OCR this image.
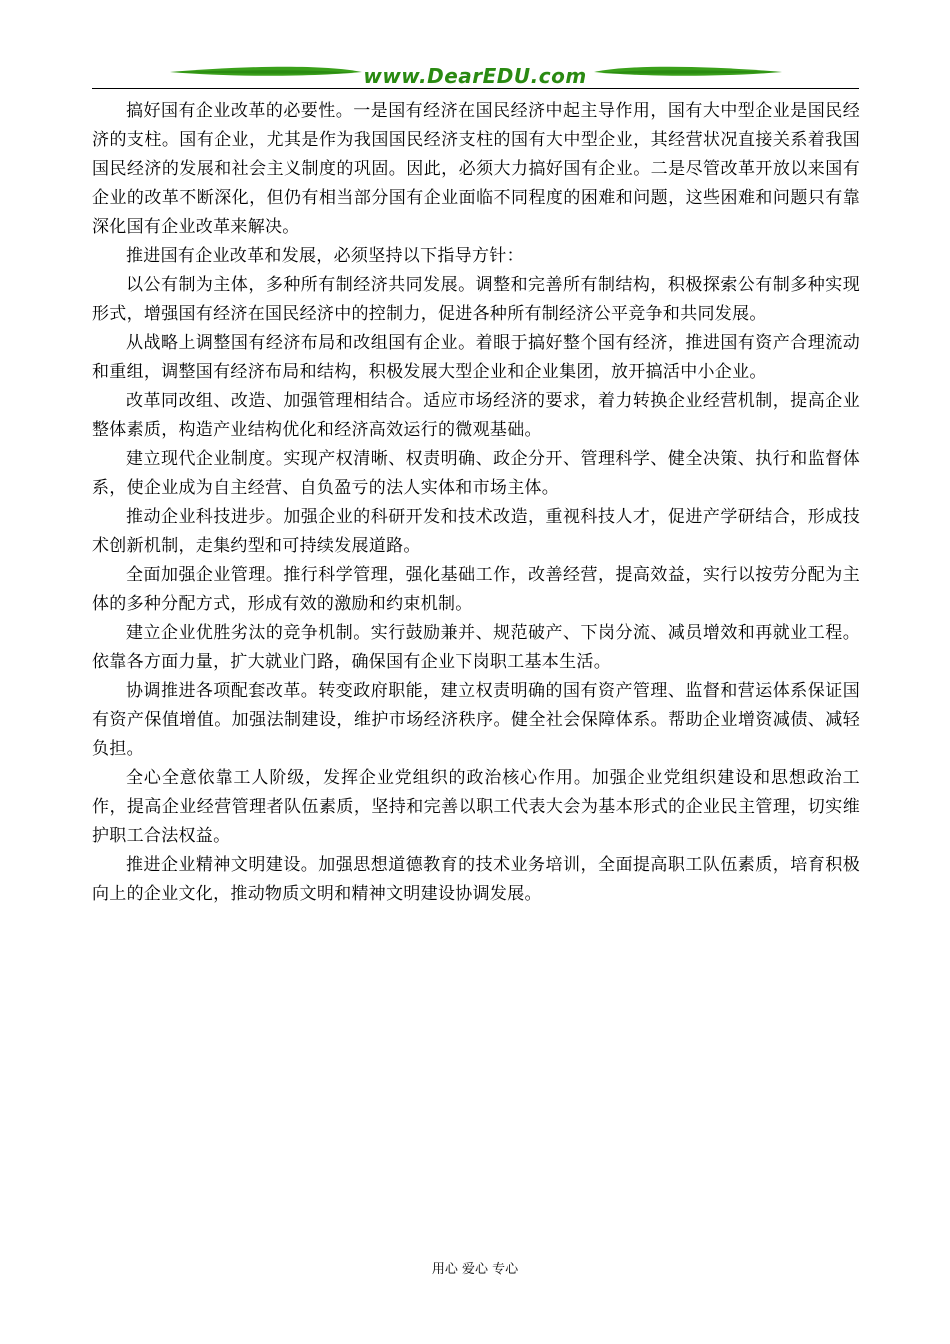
www.DearEDU.com

搞好国有企业改革的必要性。一是国有经济在国民经济中起主导作用，国有大中型企业是国民经济的支柱。国有企业，尤其是作为我国国民经济支柱的国有大中型企业，其经营状况直接关系着我国国民经济的发展和社会主义制度的巩固。因此，必须大力搞好国有企业。二是尽管改革开放以来国有企业的改革不断深化，但仍有相当部分国有企业面临不同程度的困难和问题，这些困难和问题只有靠深化国有企业改革来解决。

推进国有企业改革和发展，必须坚持以下指导方针：

以公有制为主体，多种所有制经济共同发展。调整和完善所有制结构，积极探索公有制多种实现形式，增强国有经济在国民经济中的控制力，促进各种所有制经济公平竞争和共同发展。

从战略上调整国有经济布局和改组国有企业。着眼于搞好整个国有经济，推进国有资产合理流动和重组，调整国有经济布局和结构，积极发展大型企业和企业集团，放开搞活中小企业。

改革同改组、改造、加强管理相结合。适应市场经济的要求，着力转换企业经营机制，提高企业整体素质，构造产业结构优化和经济高效运行的微观基础。

建立现代企业制度。实现产权清晰、权责明确、政企分开、管理科学、健全决策、执行和监督体系，使企业成为自主经营、自负盈亏的法人实体和市场主体。

推动企业科技进步。加强企业的科研开发和技术改造，重视科技人才，促进产学研结合，形成技术创新机制，走集约型和可持续发展道路。

全面加强企业管理。推行科学管理，强化基础工作，改善经营，提高效益，实行以按劳分配为主体的多种分配方式，形成有效的激励和约束机制。

建立企业优胜劣汰的竞争机制。实行鼓励兼并、规范破产、下岗分流、减员增效和再就业工程。依靠各方面力量，扩大就业门路，确保国有企业下岗职工基本生活。

协调推进各项配套改革。转变政府职能，建立权责明确的国有资产管理、监督和营运体系保证国有资产保值增值。加强法制建设，维护市场经济秩序。健全社会保障体系。帮助企业增资减债、减轻负担。

全心全意依靠工人阶级，发挥企业党组织的政治核心作用。加强企业党组织建设和思想政治工作，提高企业经营管理者队伍素质，坚持和完善以职工代表大会为基本形式的企业民主管理，切实维护职工合法权益。

推进企业精神文明建设。加强思想道德教育的技术业务培训，全面提高职工队伍素质，培育积极向上的企业文化，推动物质文明和精神文明建设协调发展。

用心 爱心 专心
